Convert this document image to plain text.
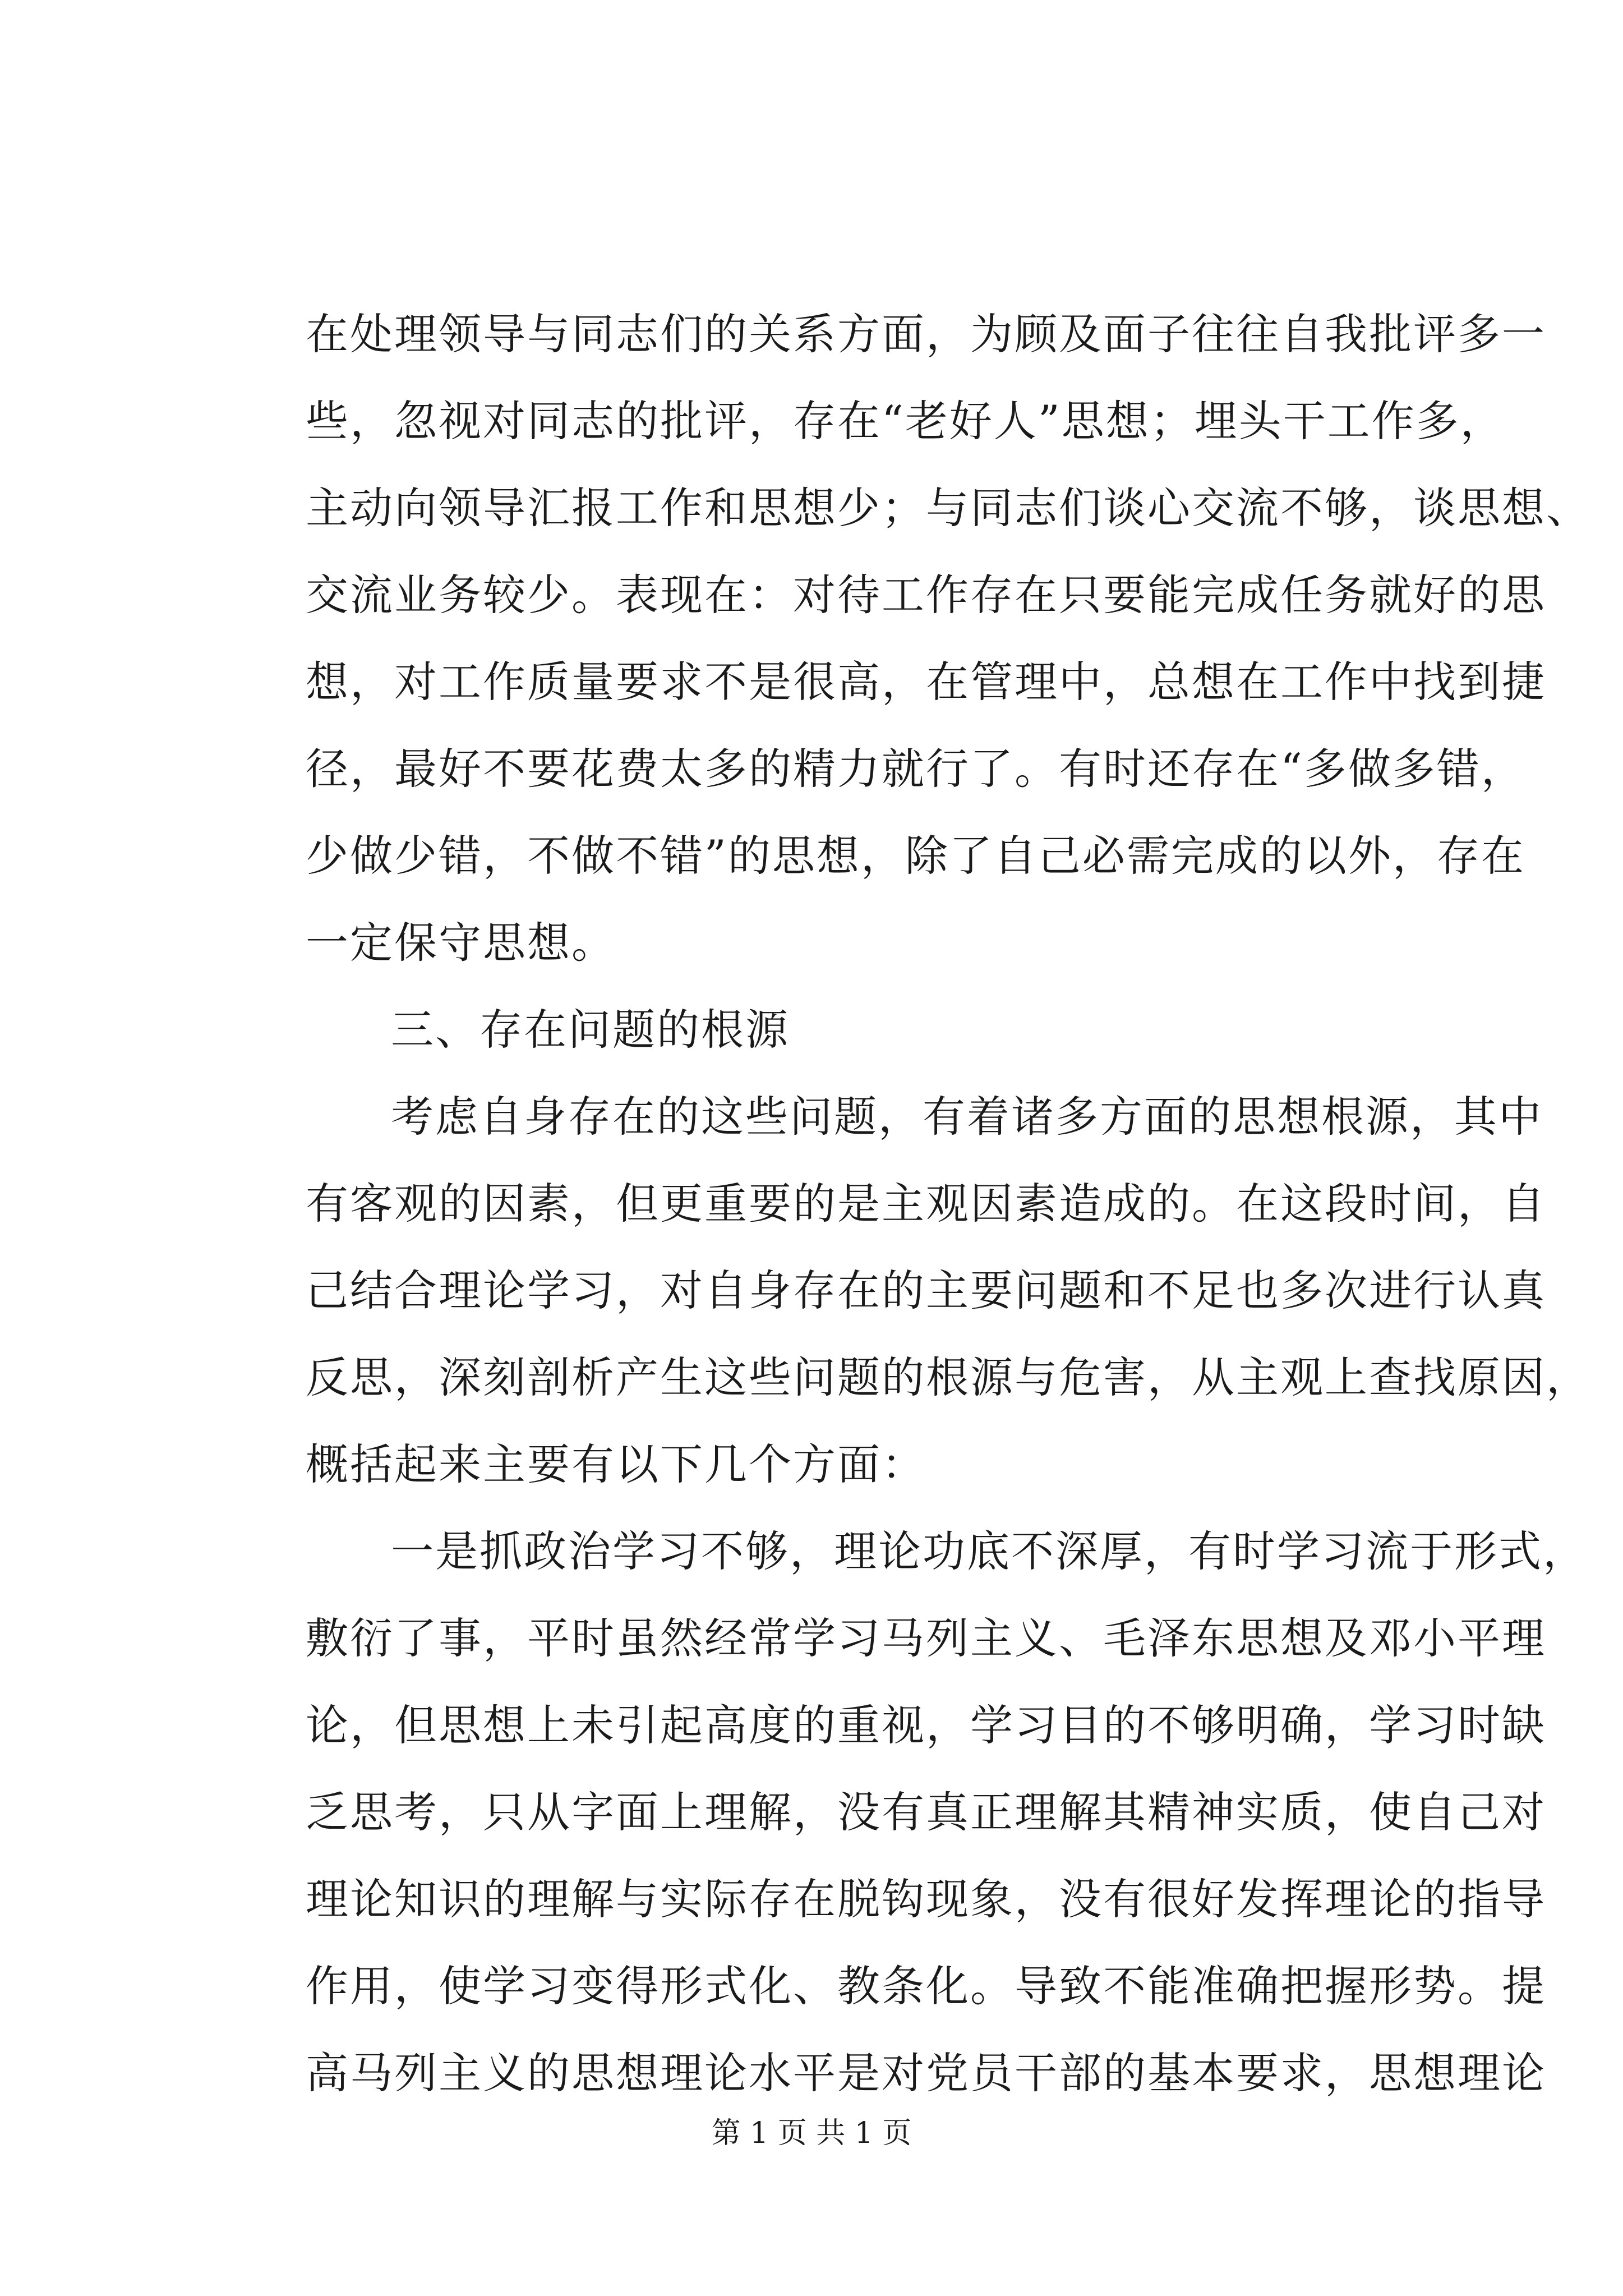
在处理领导与同志们的关系方面，为顾及面子往往自我批评多一
些，忽视对同志的批评，存在“老好人”思想；埋头干工作多，
主动向领导汇报工作和思想少；与同志们谈心交流不够，谈思想、
交流业务较少。表现在：对待工作存在只要能完成任务就好的思
想，对工作质量要求不是很高，在管理中，总想在工作中找到捷
径，最好不要花费太多的精力就行了。有时还存在“多做多错，
少做少错，不做不错”的思想，除了自己必需完成的以外，存在
一定保守思想。
三、存在问题的根源
考虑自身存在的这些问题，有着诸多方面的思想根源，其中
有客观的因素，但更重要的是主观因素造成的。在这段时间，自
己结合理论学习，对自身存在的主要问题和不足也多次进行认真
反思，深刻剖析产生这些问题的根源与危害，从主观上查找原因，
概括起来主要有以下几个方面：
一是抓政治学习不够，理论功底不深厚，有时学习流于形式，
敷衍了事，平时虽然经常学习马列主义、毛泽东思想及邓小平理
论，但思想上未引起高度的重视，学习目的不够明确，学习时缺
乏思考，只从字面上理解，没有真正理解其精神实质，使自己对
理论知识的理解与实际存在脱钩现象，没有很好发挥理论的指导
作用，使学习变得形式化、教条化。导致不能准确把握形势。提
高马列主义的思想理论水平是对党员干部的基本要求，思想理论
第 1 页 共 1 页
